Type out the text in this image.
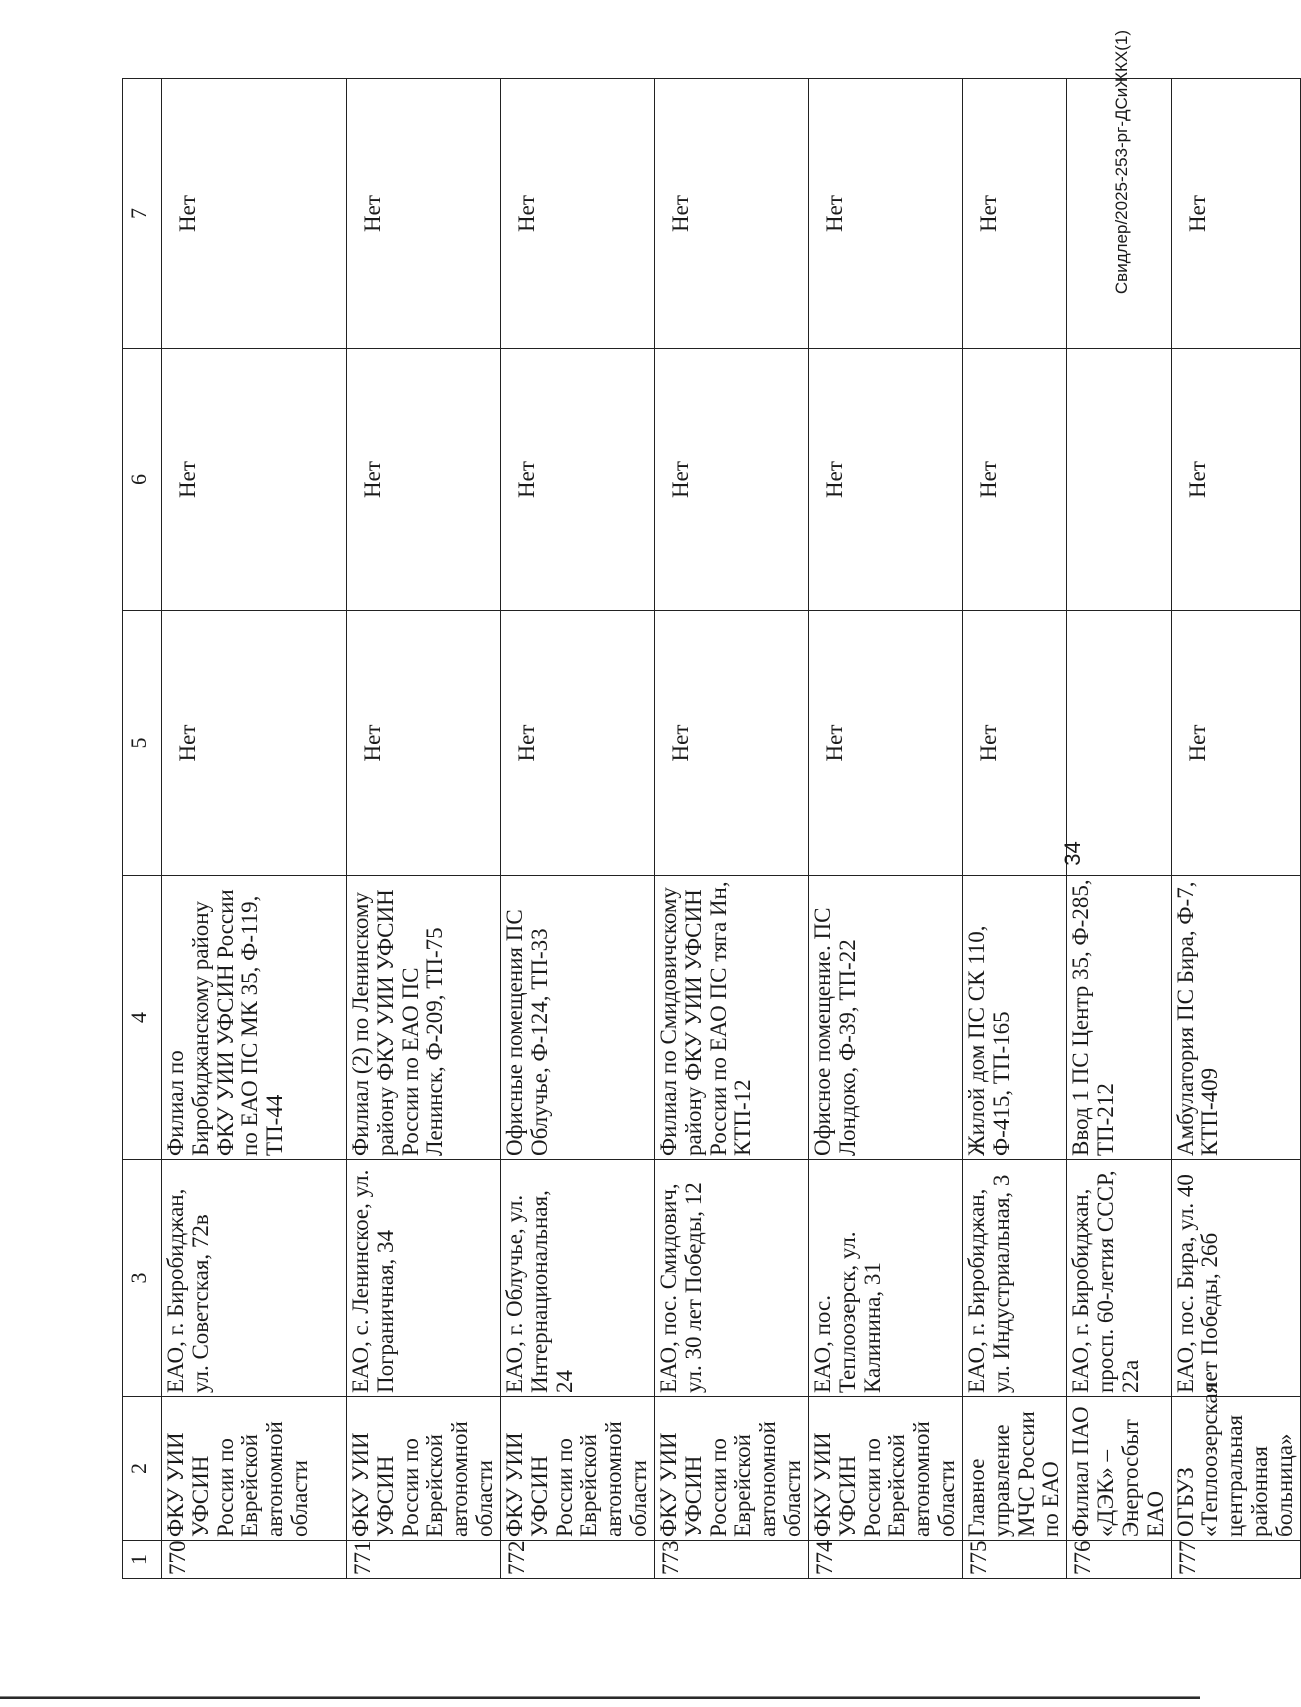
1	2	3	4	5	6	7
770	ФКУ УИИ УФСИН России по Еврейской автономной области	ЕАО, г. Биробиджан, ул. Советская, 72в	Филиал по Биробиджанскому району ФКУ УИИ УФСИН России по ЕАО ПС МК 35, Ф-119, ТП-44	Нет	Нет	Нет
771	ФКУ УИИ УФСИН России по Еврейской автономной области	ЕАО, с. Ленинское, ул. Пограничная, 34	Филиал (2) по Ленинскому району ФКУ УИИ УФСИН России по ЕАО ПС Ленинск, Ф-209, ТП-75	Нет	Нет	Нет
772	ФКУ УИИ УФСИН России по Еврейской автономной области	ЕАО, г. Облучье, ул. Интернациональная, 24	Офисные помещения ПС Облучье, Ф-124, ТП-33	Нет	Нет	Нет
773	ФКУ УИИ УФСИН России по Еврейской автономной области	ЕАО, пос. Смидович, ул. 30 лет Победы, 12	Филиал по Смидовичскому району ФКУ УИИ УФСИН России по ЕАО ПС тяга Ин, КТП-12	Нет	Нет	Нет
774	ФКУ УИИ УФСИН России по Еврейской автономной области	ЕАО, пос. Теплоозерск, ул. Калинина, 31	Офисное помещение. ПС Лондоко, Ф-39, ТП-22	Нет	Нет	Нет
775	Главное управление МЧС России по ЕАО	ЕАО, г. Биробиджан, ул. Индустриальная, 3	Жилой дом ПС СК 110, Ф-415, ТП-165	Нет	Нет	Нет
776	Филиал ПАО «ДЭК» – Энергосбыт ЕАО	ЕАО, г. Биробиджан, просп. 60-летия СССР, 22а	Ввод 1 ПС Центр 35, Ф-285, ТП-212			
777	ОГБУЗ «Теплоозерская центральная районная больница»	ЕАО, пос. Бира, ул. 40 лет Победы, 26б	Амбулатория ПС Бира, Ф-7, КТП-409	Нет	Нет	Нет
34
Свидлер/2025-253-рг-ДСиЖКХ(1)
